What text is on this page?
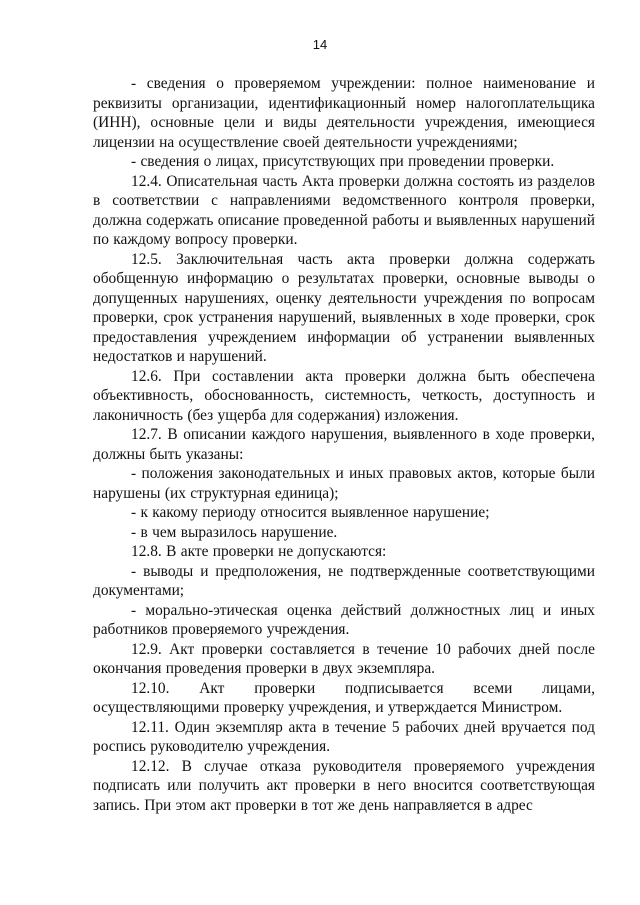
14

- сведения о проверяемом учреждении: полное наименование и реквизиты организации, идентификационный номер налогоплательщика (ИНН), основные цели и виды деятельности учреждения, имеющиеся лицензии на осуществление своей деятельности учреждениями;

- сведения о лицах, присутствующих при проведении проверки.

12.4. Описательная часть Акта проверки должна состоять из разделов в соответствии с направлениями ведомственного контроля проверки, должна содержать описание проведенной работы и выявленных нарушений по каждому вопросу проверки.

12.5. Заключительная часть акта проверки должна содержать обобщенную информацию о результатах проверки, основные выводы о допущенных нарушениях, оценку деятельности учреждения по вопросам проверки, срок устранения нарушений, выявленных в ходе проверки, срок предоставления учреждением информации об устранении выявленных недостатков и нарушений.

12.6. При составлении акта проверки должна быть обеспечена объективность, обоснованность, системность, четкость, доступность и лаконичность (без ущерба для содержания) изложения.

12.7. В описании каждого нарушения, выявленного в ходе проверки, должны быть указаны:

- положения законодательных и иных правовых актов, которые были нарушены (их структурная единица);

- к какому периоду относится выявленное нарушение;

- в чем выразилось нарушение.

12.8. В акте проверки не допускаются:

- выводы и предположения, не подтвержденные соответствующими документами;

- морально-этическая оценка действий должностных лиц и иных работников проверяемого учреждения.

12.9. Акт проверки составляется в течение 10 рабочих дней после окончания проведения проверки в двух экземпляра.

12.10. Акт проверки подписывается всеми лицами, осуществляющими проверку учреждения, и утверждается Министром.

12.11. Один экземпляр акта в течение 5 рабочих дней вручается под роспись руководителю учреждения.

12.12. В случае отказа руководителя проверяемого учреждения подписать или получить акт проверки в него вносится соответствующая запись. При этом акт проверки в тот же день направляется в адрес
